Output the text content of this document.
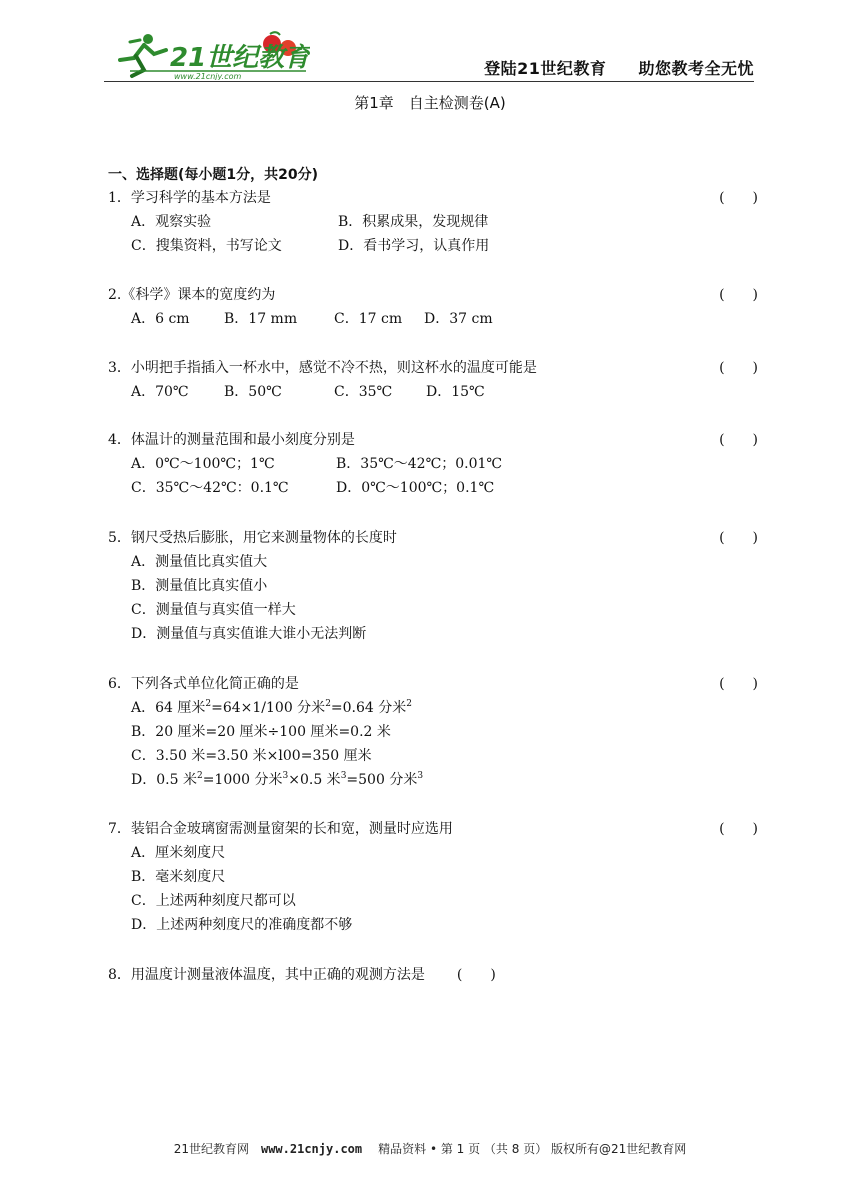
21世纪教育
www.21cnjy.com	登陆21世纪教育 助您教考全无忧
第1章　自主检测卷(A)
一、选择题(每小题1分，共20分)
1．学习科学的基本方法是	(　　)
A．观察实验	B．积累成果，发现规律
C．搜集资料，书写论文	D．看书学习，认真作用
2.《科学》课本的宽度约为	(　　)
A．6 cm B．17 mm	C．17 cm D．37 cm
3．小明把手指插入一杯水中，感觉不冷不热，则这杯水的温度可能是	(　　)
A．70℃	B．50℃	C．35℃ D．15℃
4．体温计的测量范围和最小刻度分别是	(　　)
A．0℃～100℃；1℃	B．35℃～42℃；0.01℃
C．35℃～42℃：0.1℃	D．0℃～100℃；0.1℃
5．钢尺受热后膨胀，用它来测量物体的长度时	(　　)
A．测量值比真实值大
B．测量值比真实值小
C．测量值与真实值一样大
D．测量值与真实值谁大谁小无法判断
6．下列各式单位化简正确的是	(　　)
A．64 厘米$^2$=64×1/100 分米$^2$=0.64 分米$^2$
B．20 厘米=20 厘米÷100 厘米=0.2 米
C．3.50 米=3.50 米×l00=350 厘米
D．0.5 米$^2$=1000 分米$^3$×0.5 米$^3$=500 分米$^3$
7．装铝合金玻璃窗需测量窗架的长和宽，测量时应选用	(　　)
A．厘米刻度尺
B．毫米刻度尺
C．上述两种刻度尺都可以
D．上述两种刻度尺的准确度都不够
8．用温度计测量液体温度，其中正确的观测方法是 (　　)
21世纪教育网 www.21cnjy.com 精品资料 • 第 1 页 （共 8 页） 版权所有@21世纪教育网
